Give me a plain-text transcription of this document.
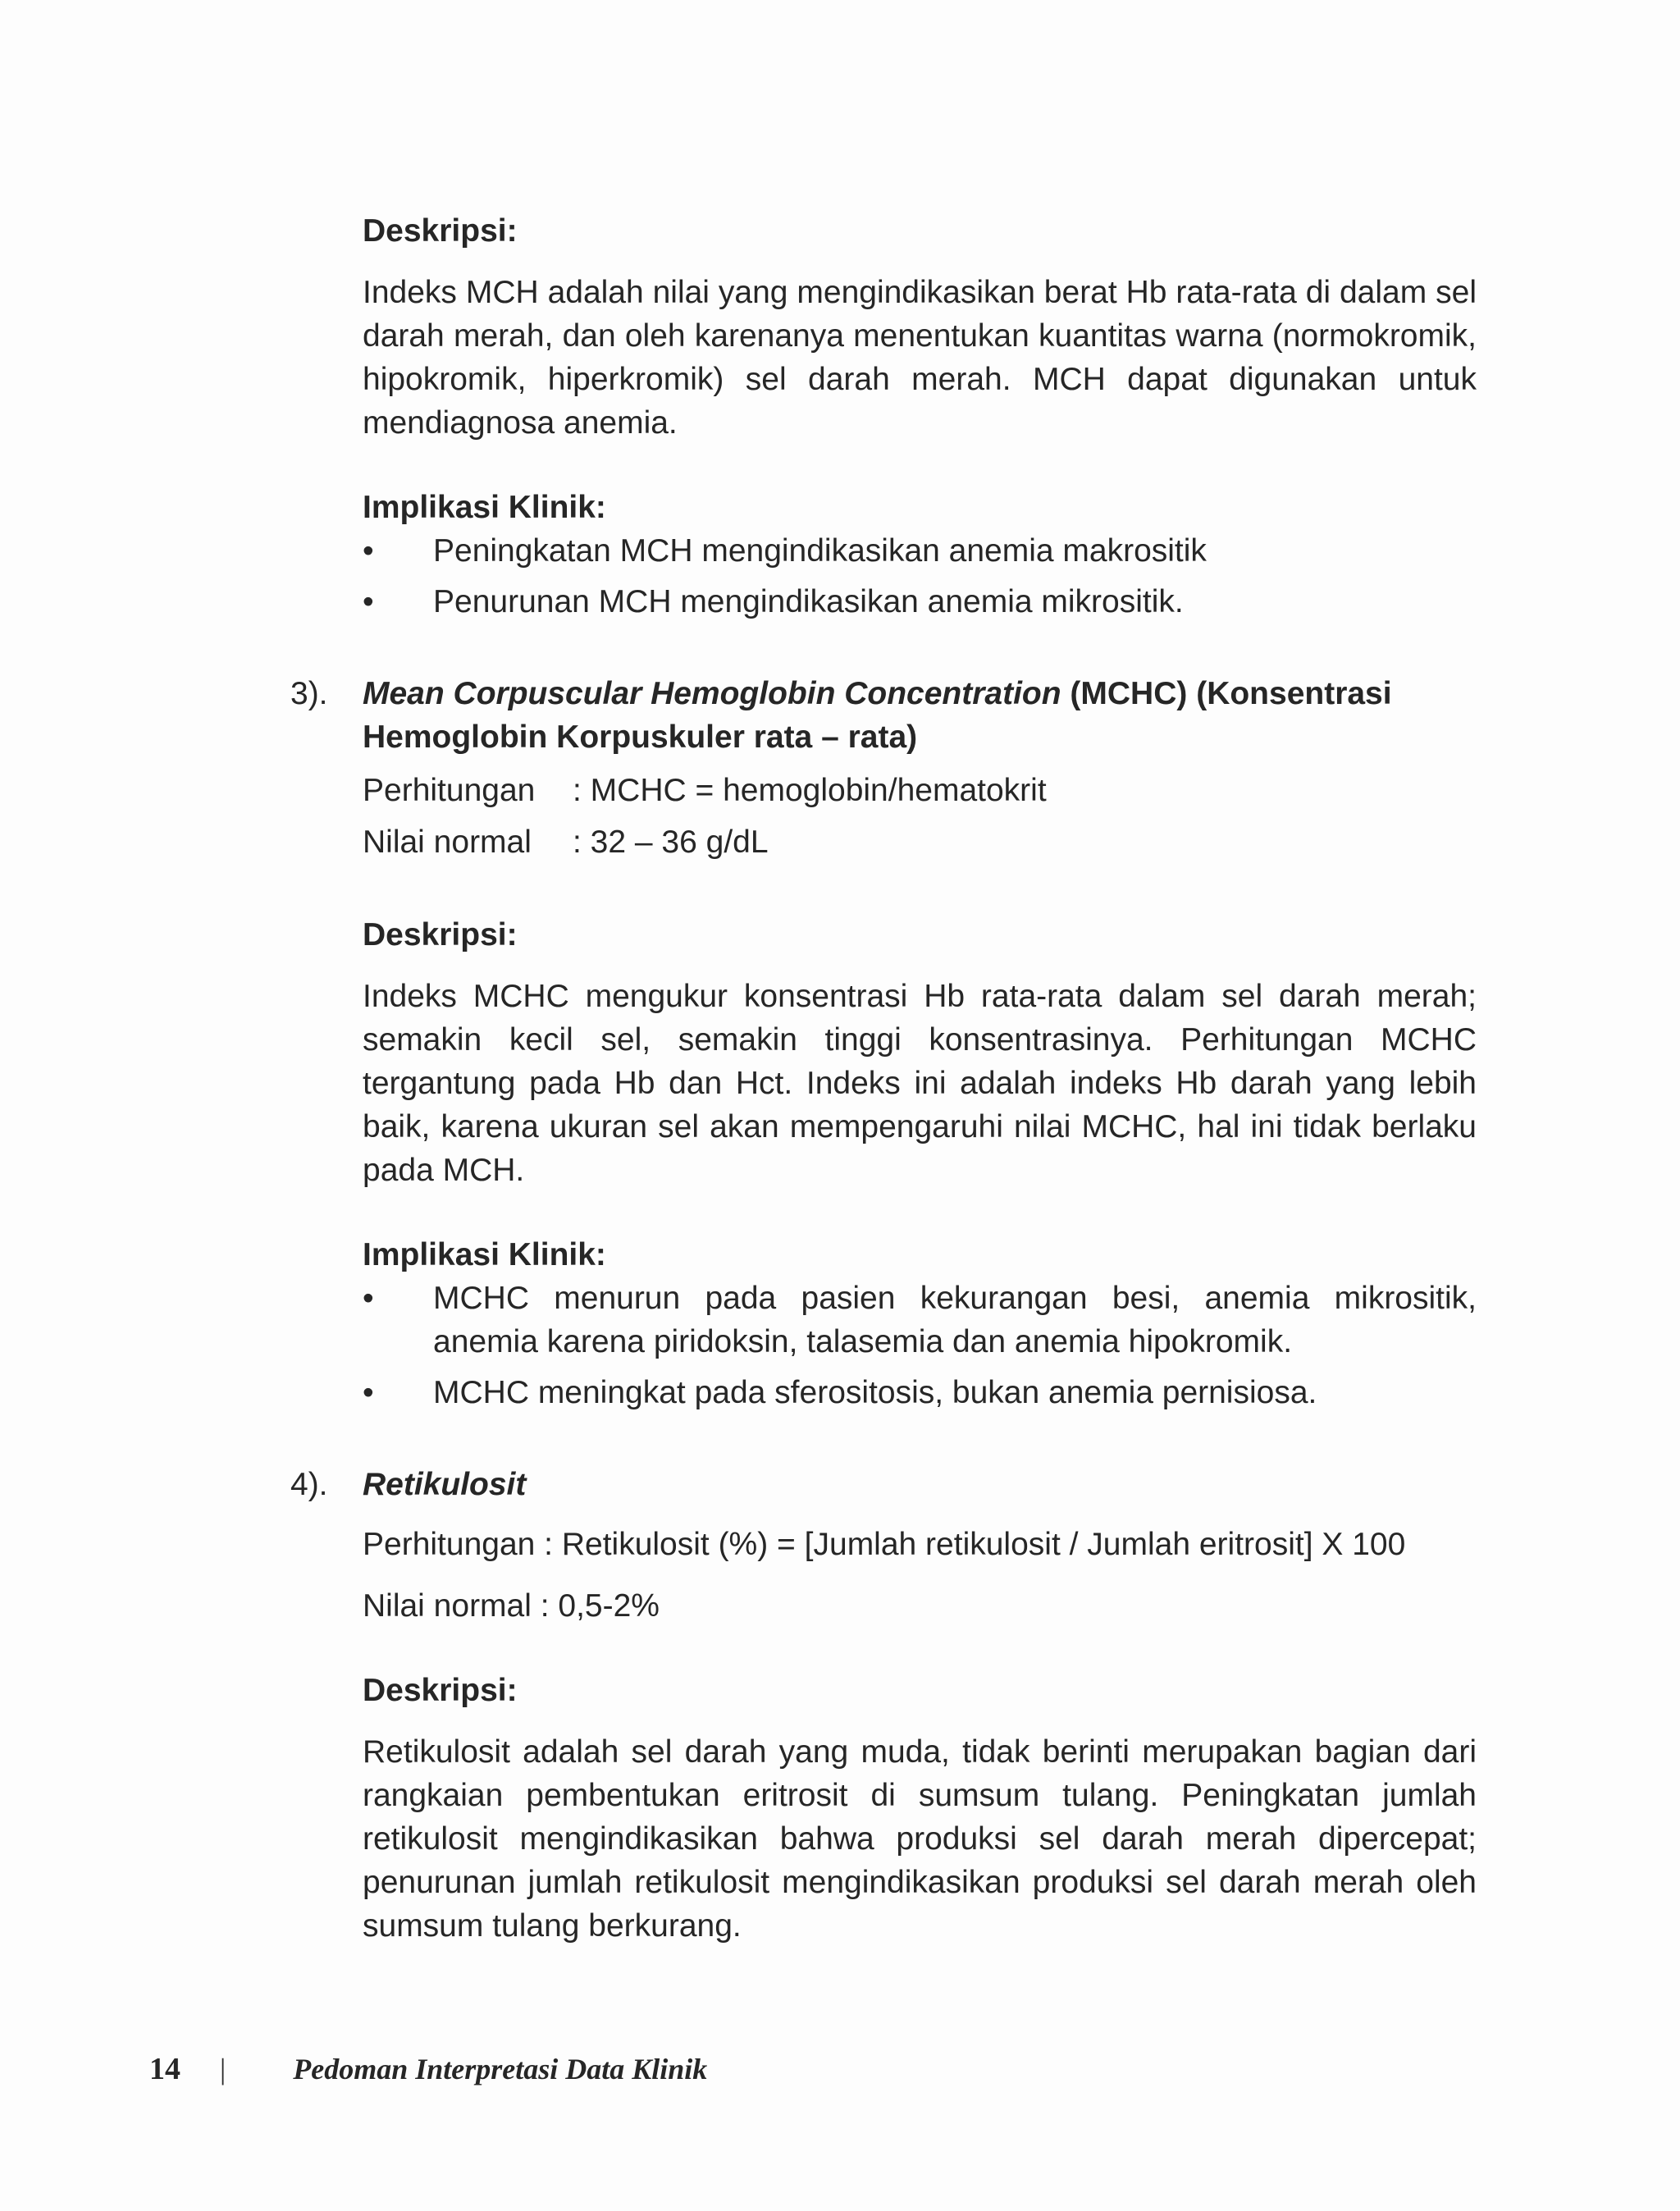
Deskripsi:

Indeks MCH adalah nilai yang mengindikasikan berat Hb rata-rata di dalam sel darah merah, dan oleh karenanya menentukan kuantitas warna (normokromik, hipokromik, hiperkromik) sel darah merah. MCH dapat digunakan untuk mendiagnosa anemia.

Implikasi Klinik:

•	Peningkatan MCH mengindikasikan anemia makrositik
•	Penurunan MCH mengindikasikan anemia mikrositik.
3).	Mean Corpuscular Hemoglobin Concentration (MCHC) (Konsentrasi Hemoglobin Korpuskuler rata – rata)

Perhitungan	: MCHC = hemoglobin/hematokrit
Nilai normal	: 32 – 36 g/dL

Deskripsi:

Indeks MCHC mengukur konsentrasi Hb rata-rata dalam sel darah merah; semakin kecil sel, semakin tinggi konsentrasinya. Perhitungan MCHC tergantung pada Hb dan Hct. Indeks ini adalah indeks Hb darah yang lebih baik, karena ukuran sel akan mempengaruhi nilai MCHC, hal ini tidak berlaku pada MCH.

Implikasi Klinik:

•	MCHC menurun pada pasien kekurangan besi, anemia mikrositik, anemia karena piridoksin, talasemia dan anemia hipokromik.
•	MCHC meningkat pada sferositosis, bukan anemia pernisiosa.
4).	Retikulosit

Perhitungan : Retikulosit (%) = [Jumlah retikulosit / Jumlah eritrosit] X 100

Nilai normal : 0,5-2%

Deskripsi:

Retikulosit adalah sel darah yang muda, tidak berinti merupakan bagian dari rangkaian pembentukan eritrosit di sumsum tulang. Peningkatan jumlah retikulosit mengindikasikan bahwa produksi sel darah merah dipercepat; penurunan jumlah retikulosit mengindikasikan produksi sel darah merah oleh sumsum tulang berkurang.

14 | Pedoman Interpretasi Data Klinik
